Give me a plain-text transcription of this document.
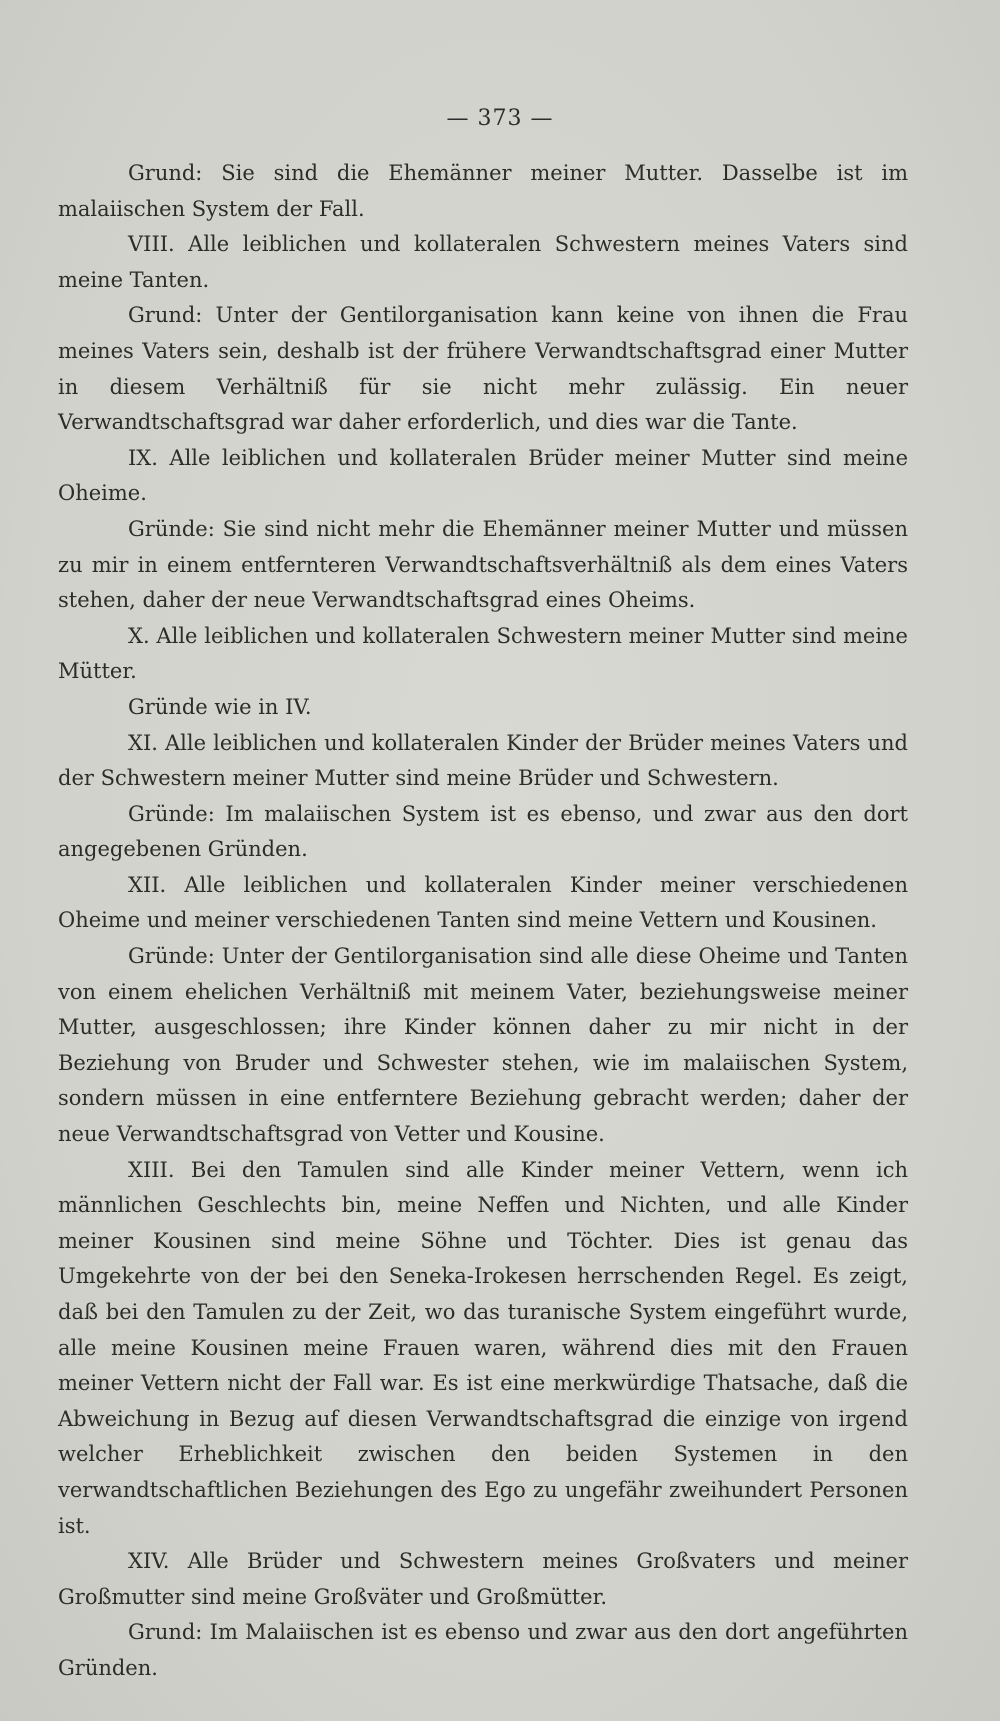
— 373 —

Grund: Sie sind die Ehemänner meiner Mutter. Dasselbe ist im malaiischen System der Fall.

VIII. Alle leiblichen und kollateralen Schwestern meines Vaters sind meine Tanten.

Grund: Unter der Gentilorganisation kann keine von ihnen die Frau meines Vaters sein, deshalb ist der frühere Verwandtschaftsgrad einer Mutter in diesem Verhältniß für sie nicht mehr zulässig. Ein neuer Verwandtschaftsgrad war daher erforderlich, und dies war die Tante.

IX. Alle leiblichen und kollateralen Brüder meiner Mutter sind meine Oheime.

Gründe: Sie sind nicht mehr die Ehemänner meiner Mutter und müssen zu mir in einem entfernteren Verwandtschaftsverhältniß als dem eines Vaters stehen, daher der neue Verwandtschaftsgrad eines Oheims.

X. Alle leiblichen und kollateralen Schwestern meiner Mutter sind meine Mütter.

Gründe wie in IV.

XI. Alle leiblichen und kollateralen Kinder der Brüder meines Vaters und der Schwestern meiner Mutter sind meine Brüder und Schwestern.

Gründe: Im malaiischen System ist es ebenso, und zwar aus den dort angegebenen Gründen.

XII. Alle leiblichen und kollateralen Kinder meiner verschiedenen Oheime und meiner verschiedenen Tanten sind meine Vettern und Kousinen.

Gründe: Unter der Gentilorganisation sind alle diese Oheime und Tanten von einem ehelichen Verhältniß mit meinem Vater, beziehungsweise meiner Mutter, ausgeschlossen; ihre Kinder können daher zu mir nicht in der Beziehung von Bruder und Schwester stehen, wie im malaiischen System, sondern müssen in eine entferntere Beziehung gebracht werden; daher der neue Verwandtschaftsgrad von Vetter und Kousine.

XIII. Bei den Tamulen sind alle Kinder meiner Vettern, wenn ich männlichen Geschlechts bin, meine Neffen und Nichten, und alle Kinder meiner Kousinen sind meine Söhne und Töchter. Dies ist genau das Umgekehrte von der bei den Seneka-Irokesen herrschenden Regel. Es zeigt, daß bei den Tamulen zu der Zeit, wo das turanische System eingeführt wurde, alle meine Kousinen meine Frauen waren, während dies mit den Frauen meiner Vettern nicht der Fall war. Es ist eine merkwürdige Thatsache, daß die Abweichung in Bezug auf diesen Verwandtschaftsgrad die einzige von irgend welcher Erheblichkeit zwischen den beiden Systemen in den verwandtschaftlichen Beziehungen des Ego zu ungefähr zweihundert Personen ist.

XIV. Alle Brüder und Schwestern meines Großvaters und meiner Großmutter sind meine Großväter und Großmütter.

Grund: Im Malaiischen ist es ebenso und zwar aus den dort angeführten Gründen.
